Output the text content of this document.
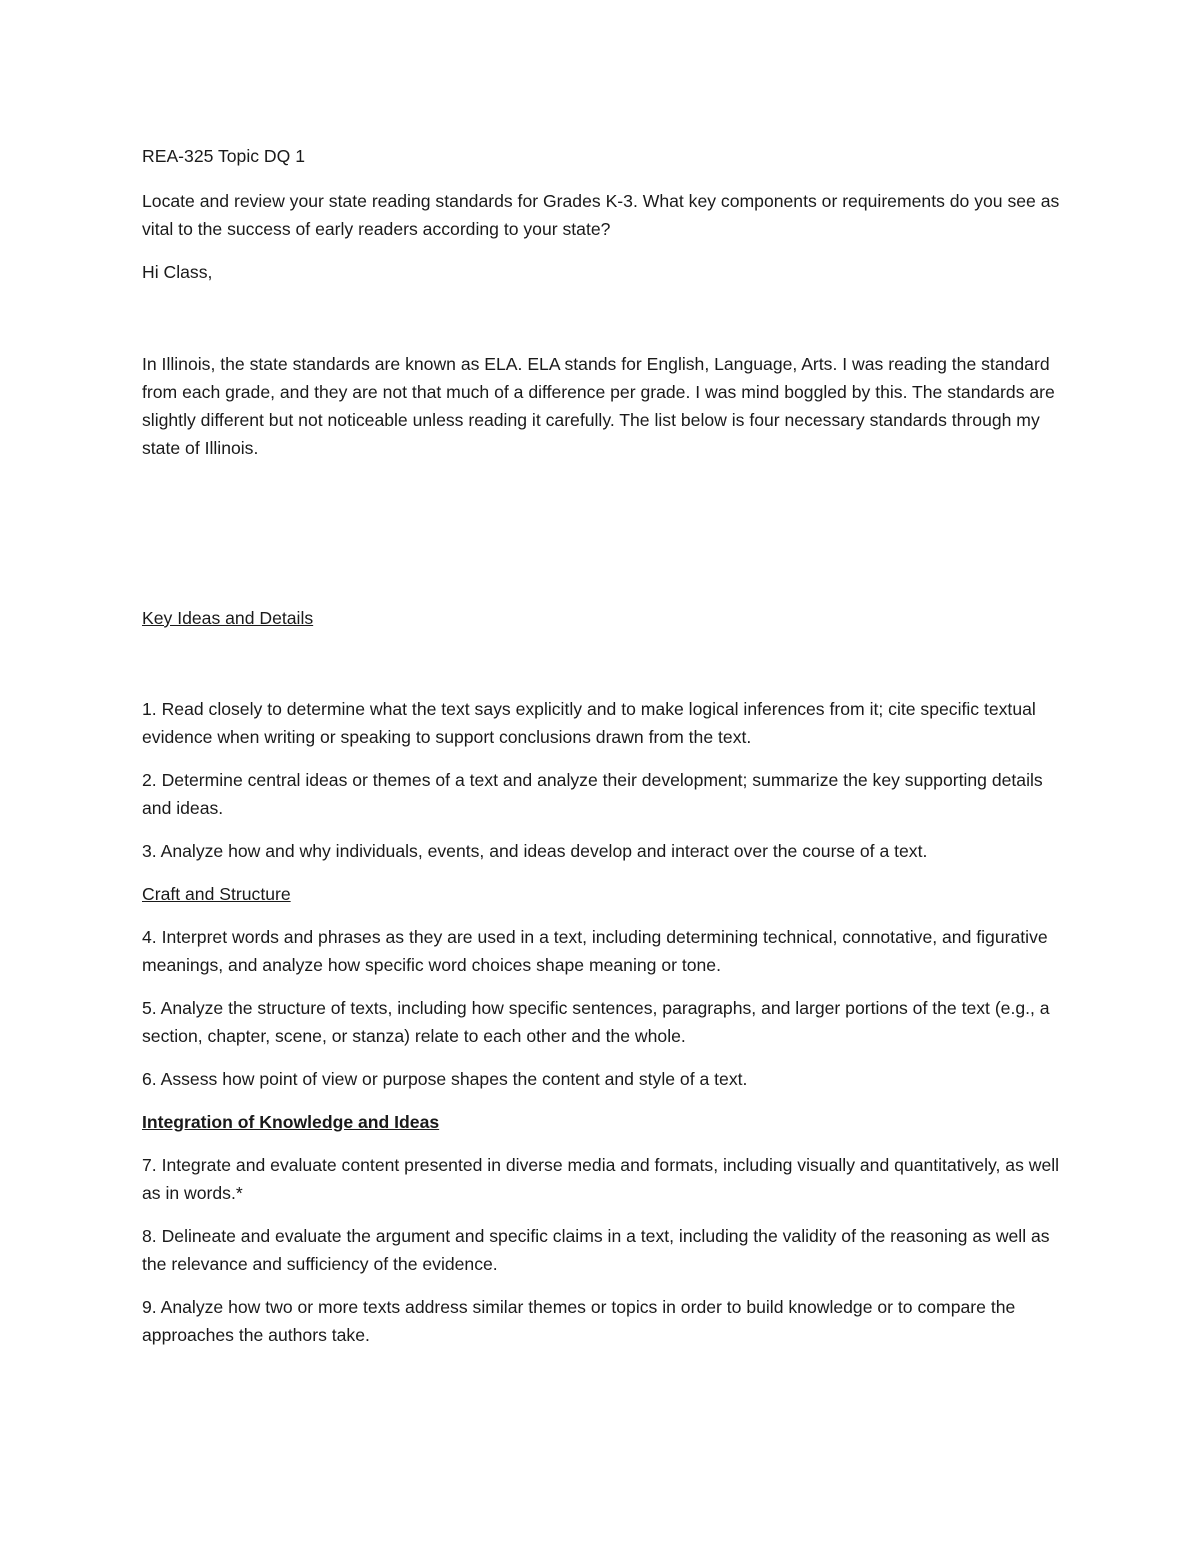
REA-325 Topic DQ 1

Locate and review your state reading standards for Grades K-3. What key components or requirements do you see as vital to the success of early readers according to your state?

Hi Class,

In Illinois, the state standards are known as ELA. ELA stands for English, Language, Arts. I was reading the standard from each grade, and they are not that much of a difference per grade. I was mind boggled by this. The standards are slightly different but not noticeable unless reading it carefully. The list below is four necessary standards through my state of Illinois.

Key Ideas and Details

1. Read closely to determine what the text says explicitly and to make logical inferences from it; cite specific textual evidence when writing or speaking to support conclusions drawn from the text.

2. Determine central ideas or themes of a text and analyze their development; summarize the key supporting details and ideas.

3. Analyze how and why individuals, events, and ideas develop and interact over the course of a text.

Craft and Structure

4. Interpret words and phrases as they are used in a text, including determining technical, connotative, and figurative meanings, and analyze how specific word choices shape meaning or tone.

5. Analyze the structure of texts, including how specific sentences, paragraphs, and larger portions of the text (e.g., a section, chapter, scene, or stanza) relate to each other and the whole.

6. Assess how point of view or purpose shapes the content and style of a text.

Integration of Knowledge and Ideas

7. Integrate and evaluate content presented in diverse media and formats, including visually and quantitatively, as well as in words.*

8. Delineate and evaluate the argument and specific claims in a text, including the validity of the reasoning as well as the relevance and sufficiency of the evidence.

9. Analyze how two or more texts address similar themes or topics in order to build knowledge or to compare the approaches the authors take.
